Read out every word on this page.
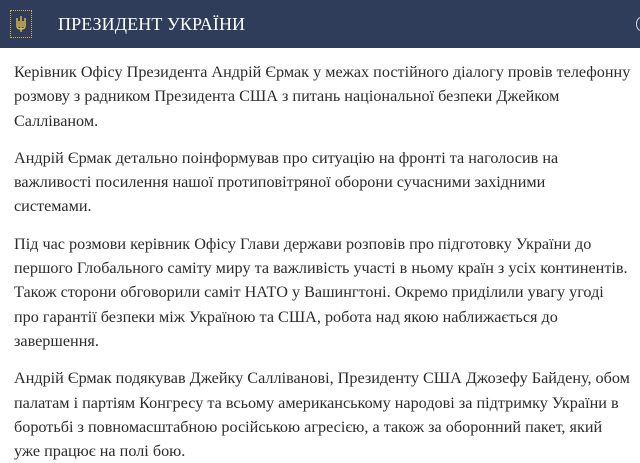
ПРЕЗИДЕНТ УКРАЇНИ

Керівник Офісу Президента Андрій Єрмак у межах постійного діалогу провів телефонну
розмову з радником Президента США з питань національної безпеки Джейком
Салліваном.

Андрій Єрмак детально поінформував про ситуацію на фронті та наголосив на
важливості посилення нашої протиповітряної оборони сучасними західними
системами.

Під час розмови керівник Офісу Глави держави розповів про підготовку України до
першого Глобального саміту миру та важливість участі в ньому країн з усіх континентів.
Також сторони обговорили саміт НАТО у Вашингтоні. Окремо приділили увагу угоді
про гарантії безпеки між Україною та США, робота над якою наближається до
завершення.

Андрій Єрмак подякував Джейку Салліванові, Президенту США Джозефу Байдену, обом
палатам і партіям Конгресу та всьому американському народові за підтримку України в
боротьбі з повномасштабною російською агресією, а також за оборонний пакет, який
уже працює на полі бою.
